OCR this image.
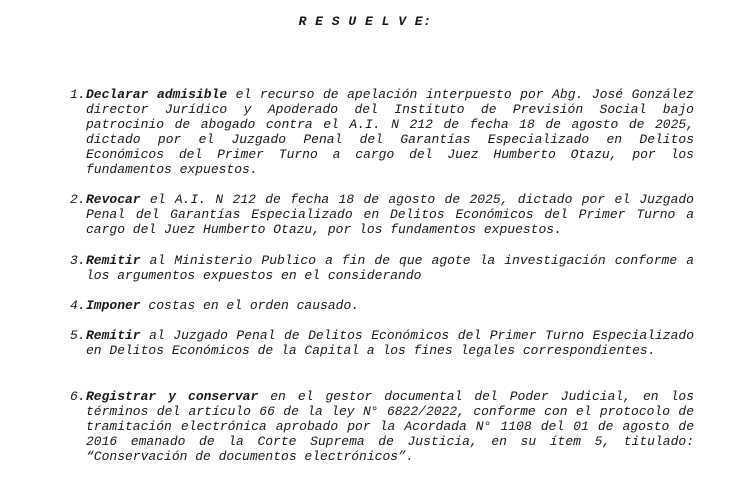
R E S U E L V E:
1. Declarar admisible el recurso de apelación interpuesto por Abg. José González director Jurídico y Apoderado del Instituto de Previsión Social bajo patrocinio de abogado contra el A.I. N 212 de fecha 18 de agosto de 2025, dictado por el Juzgado Penal del Garantías Especializado en Delitos Económicos del Primer Turno a cargo del Juez Humberto Otazu, por los fundamentos expuestos.
2. Revocar el A.I. N 212 de fecha 18 de agosto de 2025, dictado por el Juzgado Penal del Garantías Especializado en Delitos Económicos del Primer Turno a cargo del Juez Humberto Otazu, por los fundamentos expuestos.
3. Remitir al Ministerio Publico a fin de que agote la investigación conforme a los argumentos expuestos en el considerando
4. Imponer costas en el orden causado.
5. Remitir al Juzgado Penal de Delitos Económicos del Primer Turno Especializado en Delitos Económicos de la Capital a los fines legales correspondientes.
6. Registrar y conservar en el gestor documental del Poder Judicial, en los términos del artículo 66 de la ley N° 6822/2022, conforme con el protocolo de tramitación electrónica aprobado por la Acordada N° 1108 del 01 de agosto de 2016 emanado de la Corte Suprema de Justicia, en su ítem 5, titulado: “Conservación de documentos electrónicos”.
